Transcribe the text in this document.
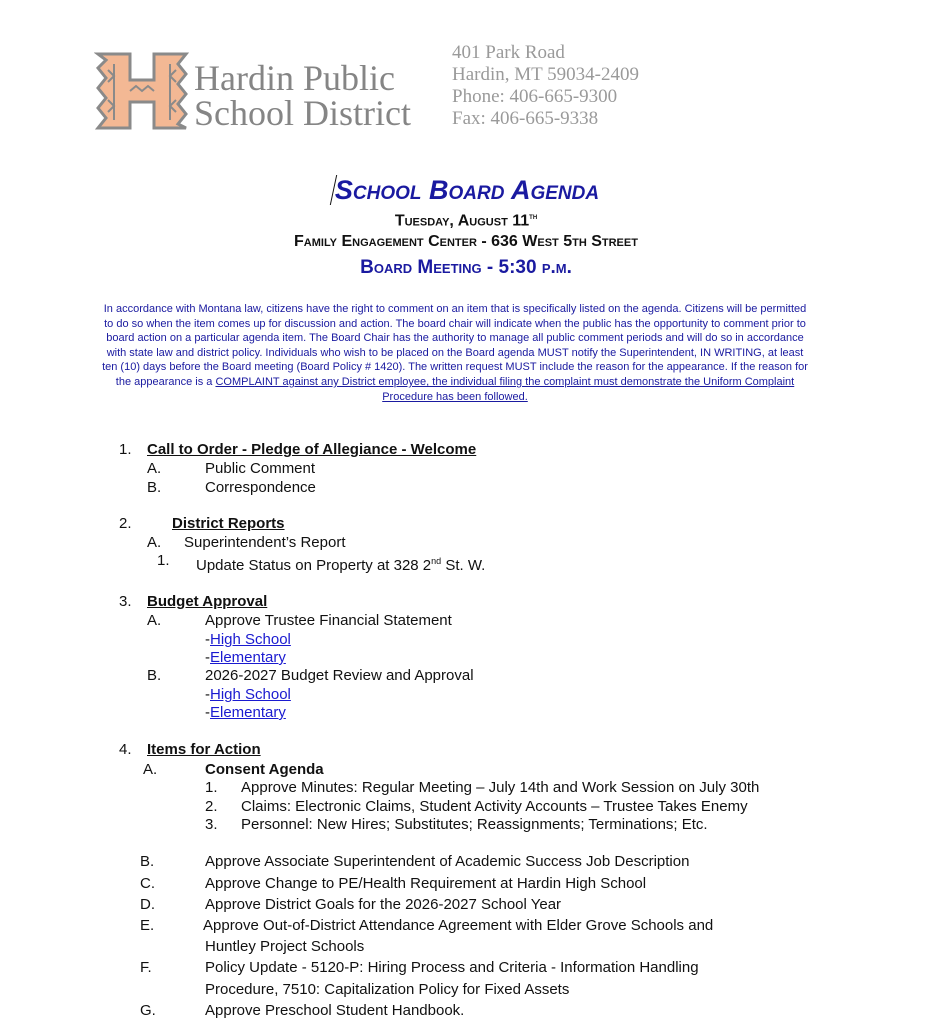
Hardin Public
School District
401 Park Road
Hardin, MT 59034-2409
Phone: 406-665-9300
Fax: 406-665-9338
School Board Agenda
Tuesday, August 11th
Family Engagement Center - 636 West 5th Street
Board Meeting - 5:30 p.m.
In accordance with Montana law, citizens have the right to comment on an item that is specifically listed on the agenda. Citizens will be permitted to do so when the item comes up for discussion and action. The board chair will indicate when the public has the opportunity to comment prior to board action on a particular agenda item. The Board Chair has the authority to manage all public comment periods and will do so in accordance with state law and district policy. Individuals who wish to be placed on the Board agenda MUST notify the Superintendent, IN WRITING, at least ten (10) days before the Board meeting (Board Policy # 1420). The written request MUST include the reason for the appearance. If the reason for the appearance is a COMPLAINT against any District employee, the individual filing the complaint must demonstrate the Uniform Complaint Procedure has been followed.
1. Call to Order - Pledge of Allegiance - Welcome
A.	Public Comment
B.	Correspondence
2.	District Reports
A. Superintendent’s Report
1. Update Status on Property at 328 2nd St. W.
3. Budget Approval
A.	Approve Trustee Financial Statement
-High School
-Elementary
B.	2026-2027 Budget Review and Approval
-High School
-Elementary
4. Items for Action
A.	Consent Agenda
1. Approve Minutes: Regular Meeting – July 14th and Work Session on July 30th
2. Claims: Electronic Claims, Student Activity Accounts – Trustee Takes Enemy
3. Personnel: New Hires; Substitutes; Reassignments; Terminations; Etc.
B.	Approve Associate Superintendent of Academic Success Job Description
C.	Approve Change to PE/Health Requirement at Hardin High School
D.	Approve District Goals for the 2026-2027 School Year
E.	Approve Out-of-District Attendance Agreement with Elder Grove Schools and
Huntley Project Schools
F.	Policy Update - 5120-P: Hiring Process and Criteria - Information Handling
Procedure, 7510: Capitalization Policy for Fixed Assets
G.	Approve Preschool Student Handbook.
